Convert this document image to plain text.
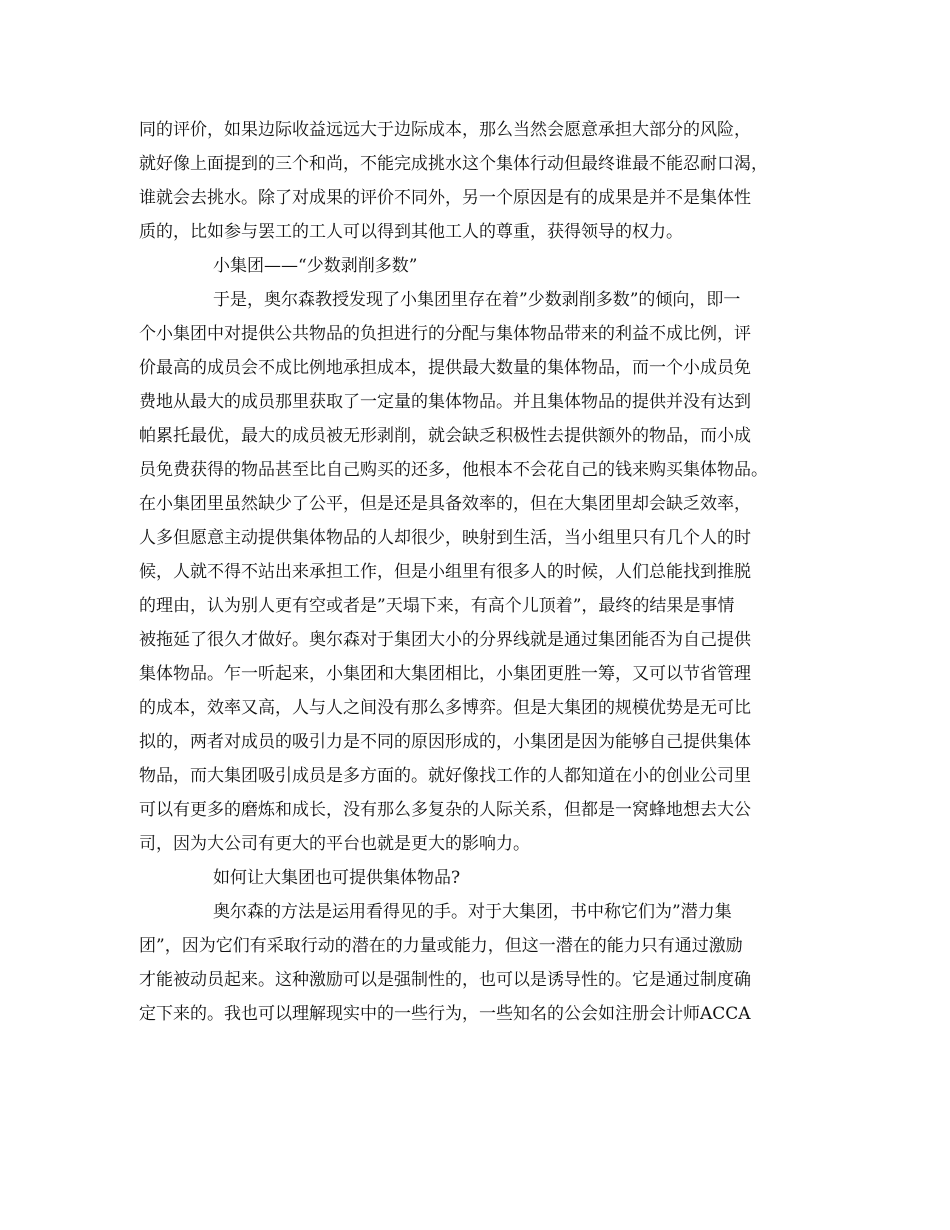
同的评价，如果边际收益远远大于边际成本，那么当然会愿意承担大部分的风险，
就好像上面提到的三个和尚，不能完成挑水这个集体行动但最终谁最不能忍耐口渴，
谁就会去挑水。除了对成果的评价不同外，另一个原因是有的成果是并不是集体性
质的，比如参与罢工的工人可以得到其他工人的尊重，获得领导的权力。
小集团——“少数剥削多数”
于是，奥尔森教授发现了小集团里存在着”少数剥削多数”的倾向，即一
个小集团中对提供公共物品的负担进行的分配与集体物品带来的利益不成比例，评
价最高的成员会不成比例地承担成本，提供最大数量的集体物品，而一个小成员免
费地从最大的成员那里获取了一定量的集体物品。并且集体物品的提供并没有达到
帕累托最优，最大的成员被无形剥削，就会缺乏积极性去提供额外的物品，而小成
员免费获得的物品甚至比自己购买的还多，他根本不会花自己的钱来购买集体物品。
在小集团里虽然缺少了公平，但是还是具备效率的，但在大集团里却会缺乏效率，
人多但愿意主动提供集体物品的人却很少，映射到生活，当小组里只有几个人的时
候，人就不得不站出来承担工作，但是小组里有很多人的时候，人们总能找到推脱
的理由，认为别人更有空或者是”天塌下来，有高个儿顶着”，最终的结果是事情
被拖延了很久才做好。奥尔森对于集团大小的分界线就是通过集团能否为自己提供
集体物品。乍一听起来，小集团和大集团相比，小集团更胜一筹，又可以节省管理
的成本，效率又高，人与人之间没有那么多博弈。但是大集团的规模优势是无可比
拟的，两者对成员的吸引力是不同的原因形成的，小集团是因为能够自己提供集体
物品，而大集团吸引成员是多方面的。就好像找工作的人都知道在小的创业公司里
可以有更多的磨炼和成长，没有那么多复杂的人际关系，但都是一窝蜂地想去大公
司，因为大公司有更大的平台也就是更大的影响力。
如何让大集团也可提供集体物品?
奥尔森的方法是运用看得见的手。对于大集团，书中称它们为”潜力集
团”，因为它们有采取行动的潜在的力量或能力，但这一潜在的能力只有通过激励
才能被动员起来。这种激励可以是强制性的，也可以是诱导性的。它是通过制度确
定下来的。我也可以理解现实中的一些行为，一些知名的公会如注册会计师ACCA
